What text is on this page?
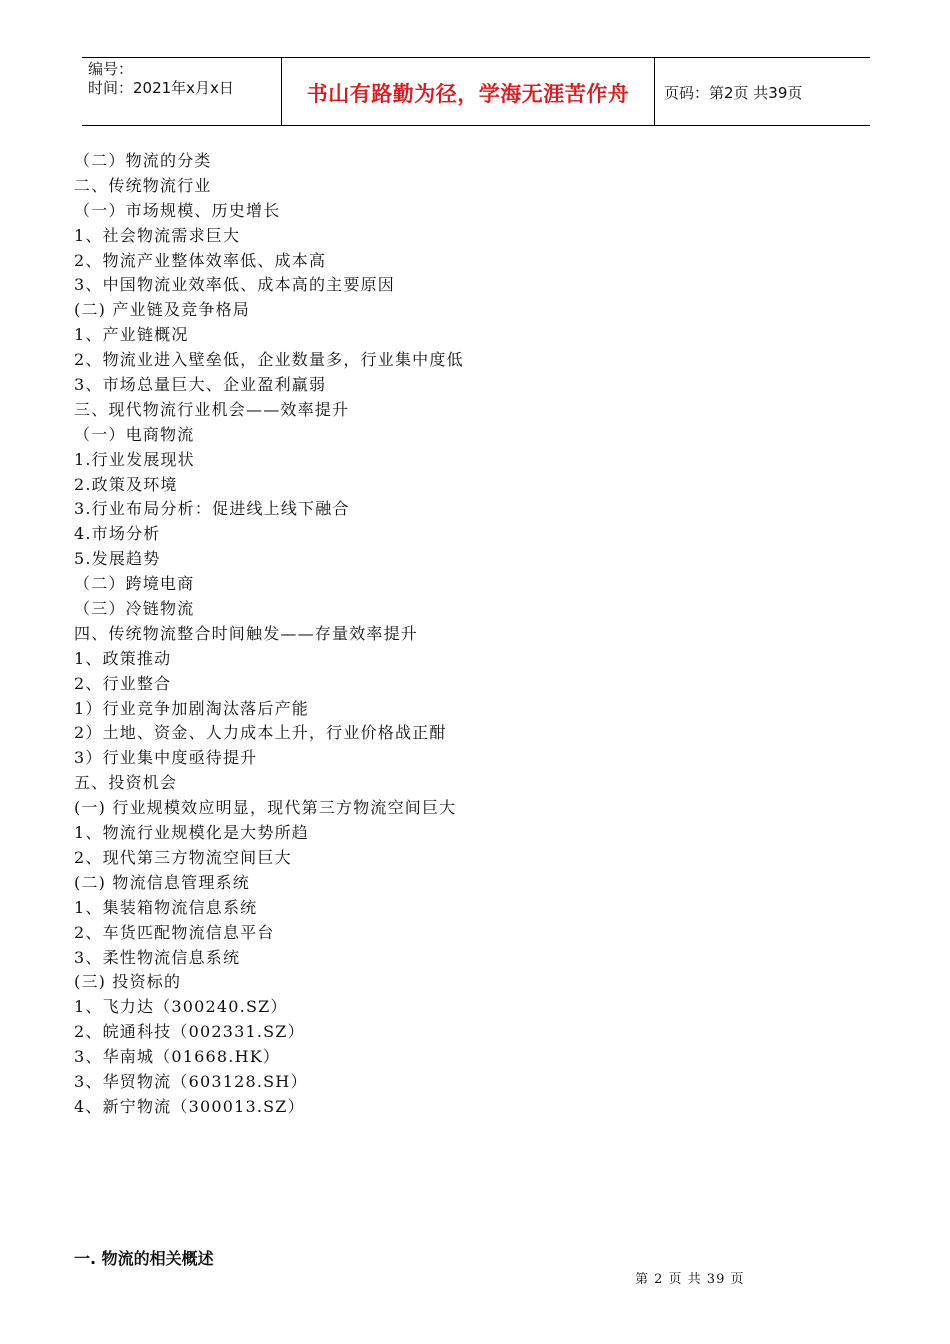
编号：
时间：2021年x月x日	书山有路勤为径，学海无涯苦作舟	页码：第2页 共39页
（二）物流的分类
二、传统物流行业
（一）市场规模、历史增长
1、社会物流需求巨大
2、物流产业整体效率低、成本高
3、中国物流业效率低、成本高的主要原因
(二) 产业链及竞争格局
1、产业链概况
2、物流业进入壁垒低，企业数量多，行业集中度低
3、市场总量巨大、企业盈利羸弱
三、现代物流行业机会——效率提升
（一）电商物流
1.行业发展现状
2.政策及环境
3.行业布局分析：促进线上线下融合
4.市场分析
5.发展趋势
（二）跨境电商
（三）冷链物流
四、传统物流整合时间触发——存量效率提升
1、政策推动
2、行业整合
1）行业竞争加剧淘汰落后产能
2）土地、资金、人力成本上升，行业价格战正酣
3）行业集中度亟待提升
五、投资机会
(一) 行业规模效应明显，现代第三方物流空间巨大
1、物流行业规模化是大势所趋
2、现代第三方物流空间巨大
(二) 物流信息管理系统
1、集装箱物流信息系统
2、车货匹配物流信息平台
3、柔性物流信息系统
(三) 投资标的
1、飞力达（300240.SZ）
2、皖通科技（002331.SZ）
3、华南城（01668.HK）
3、华贸物流（603128.SH）
4、新宁物流（300013.SZ）
一. 物流的相关概述
第 2 页 共 39 页
